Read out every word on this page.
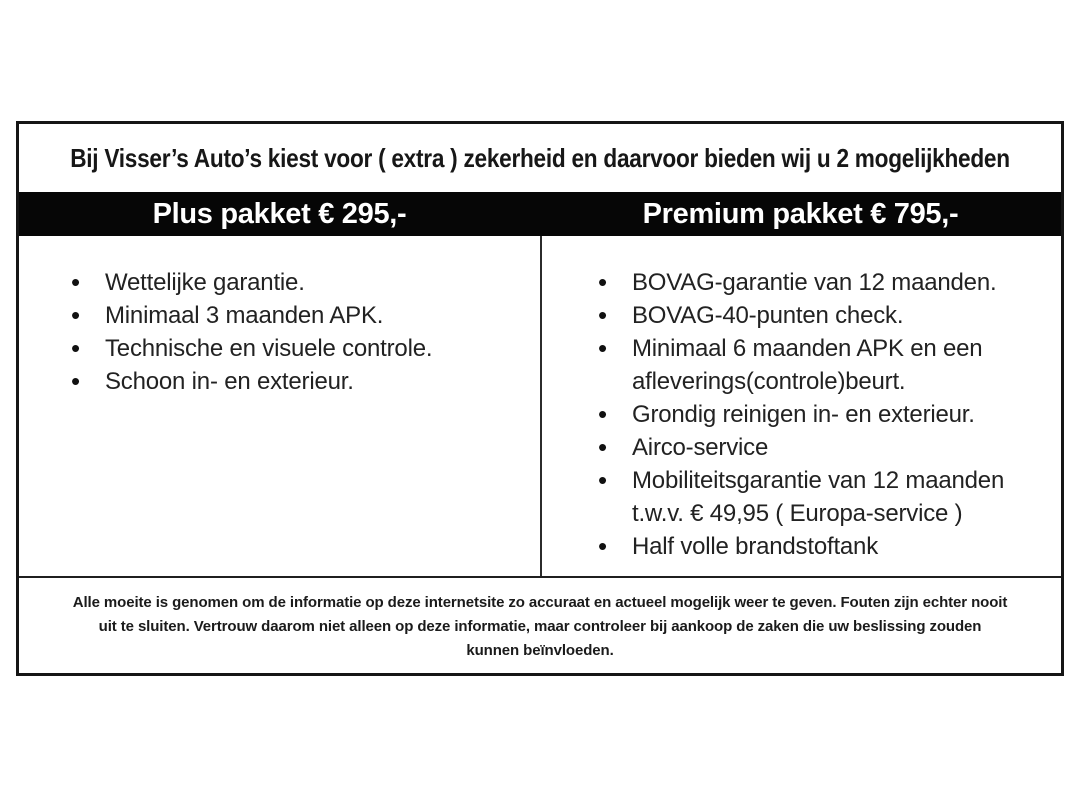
Bij Visser’s Auto’s kiest voor ( extra ) zekerheid en daarvoor bieden wij u 2 mogelijkheden
Plus pakket € 295,-	Premium pakket € 795,-
• Wettelijke garantie.
• Minimaal 3 maanden APK.
• Technische en visuele controle.
• Schoon in- en exterieur.
• BOVAG-garantie van 12 maanden.
• BOVAG-40-punten check.
• Minimaal 6 maanden APK en een afleverings(controle)beurt.
• Grondig reinigen in- en exterieur.
• Airco-service
• Mobiliteitsgarantie van 12 maanden t.w.v. € 49,95 ( Europa-service )
• Half volle brandstoftank
Alle moeite is genomen om de informatie op deze internetsite zo accuraat en actueel mogelijk weer te geven. Fouten zijn echter nooit
uit te sluiten. Vertrouw daarom niet alleen op deze informatie, maar controleer bij aankoop de zaken die uw beslissing zouden
kunnen beïnvloeden.
